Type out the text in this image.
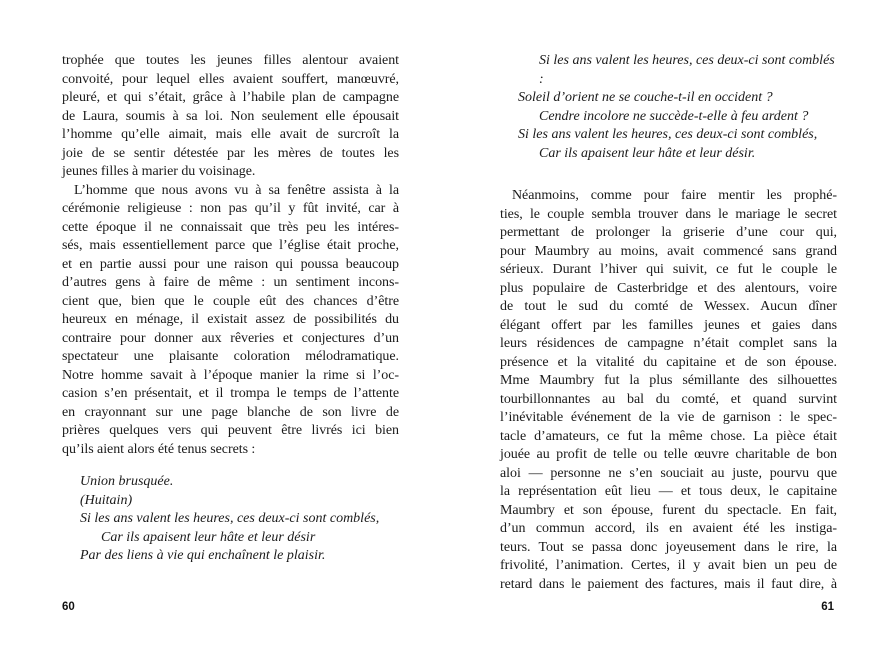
trophée que toutes les jeunes filles alentour avaient
convoité, pour lequel elles avaient souffert, manœuvré,
pleuré, et qui s’était, grâce à l’habile plan de campagne
de Laura, soumis à sa loi. Non seulement elle épousait
l’homme qu’elle aimait, mais elle avait de surcroît la
joie de se sentir détestée par les mères de toutes les
jeunes filles à marier du voisinage.
L’homme que nous avons vu à sa fenêtre assista à la
cérémonie religieuse : non pas qu’il y fût invité, car à
cette époque il ne connaissait que très peu les intéres-
sés, mais essentiellement parce que l’église était proche,
et en partie aussi pour une raison qui poussa beaucoup
d’autres gens à faire de même : un sentiment incons-
cient que, bien que le couple eût des chances d’être
heureux en ménage, il existait assez de possibilités du
contraire pour donner aux rêveries et conjectures d’un
spectateur une plaisante coloration mélodramatique.
Notre homme savait à l’époque manier la rime si l’oc-
casion s’en présentait, et il trompa le temps de l’attente
en crayonnant sur une page blanche de son livre de
prières quelques vers qui peuvent être livrés ici bien
qu’ils aient alors été tenus secrets :
Union brusquée.
(Huitain)
Si les ans valent les heures, ces deux-ci sont comblés,
Car ils apaisent leur hâte et leur désir
Par des liens à vie qui enchaînent le plaisir.
Si les ans valent les heures, ces deux-ci sont comblés :
Soleil d’orient ne se couche-t-il en occident ?
Cendre incolore ne succède-t-elle à feu ardent ?
Si les ans valent les heures, ces deux-ci sont comblés,
Car ils apaisent leur hâte et leur désir.
Néanmoins, comme pour faire mentir les prophé-
ties, le couple sembla trouver dans le mariage le secret
permettant de prolonger la griserie d’une cour qui,
pour Maumbry au moins, avait commencé sans grand
sérieux. Durant l’hiver qui suivit, ce fut le couple le
plus populaire de Casterbridge et des alentours, voire
de tout le sud du comté de Wessex. Aucun dîner
élégant offert par les familles jeunes et gaies dans
leurs résidences de campagne n’était complet sans la
présence et la vitalité du capitaine et de son épouse.
Mme Maumbry fut la plus sémillante des silhouettes
tourbillonnantes au bal du comté, et quand survint
l’inévitable événement de la vie de garnison : le spec-
tacle d’amateurs, ce fut la même chose. La pièce était
jouée au profit de telle ou telle œuvre charitable de bon
aloi — personne ne s’en souciait au juste, pourvu que
la représentation eût lieu — et tous deux, le capitaine
Maumbry et son épouse, furent du spectacle. En fait,
d’un commun accord, ils en avaient été les instiga-
teurs. Tout se passa donc joyeusement dans le rire, la
frivolité, l’animation. Certes, il y avait bien un peu de
retard dans le paiement des factures, mais il faut dire, à
60	61
